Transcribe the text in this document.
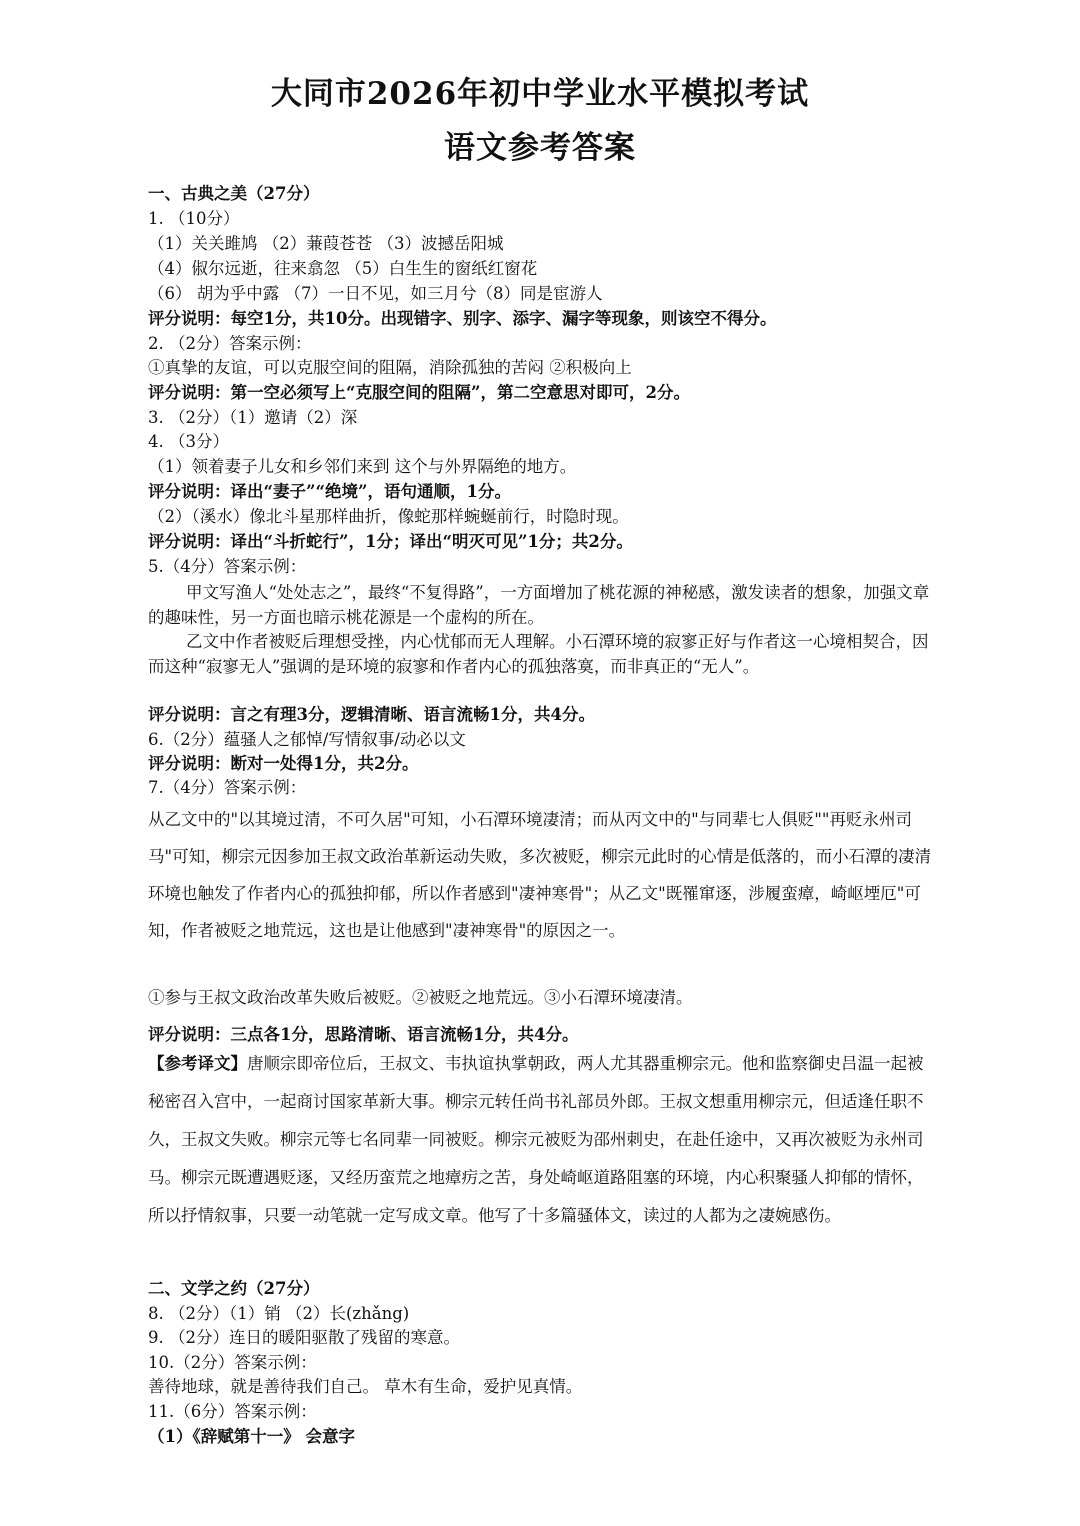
大同市2026年初中学业水平模拟考试
语文参考答案
一、古典之美（27分）
1. （10分）
（1）关关雎鸠 （2）蒹葭苍苍 （3）波撼岳阳城
（4）俶尔远逝，往来翕忽 （5）白生生的窗纸红窗花
（6） 胡为乎中露 （7）一日不见，如三月兮（8）同是宦游人
评分说明：每空1分，共10分。出现错字、别字、添字、漏字等现象，则该空不得分。
2. （2分）答案示例：
①真挚的友谊，可以克服空间的阻隔，消除孤独的苦闷 ②积极向上
评分说明：第一空必须写上“克服空间的阻隔”，第二空意思对即可，2分。
3. （2分）（1）邀请（2）深
4. （3分）
（1）领着妻子儿女和乡邻们来到 这个与外界隔绝的地方。
评分说明：译出“妻子”“绝境”，语句通顺，1分。
（2）（溪水）像北斗星那样曲折，像蛇那样蜿蜒前行，时隐时现。
评分说明：译出“斗折蛇行”，1分；译出“明灭可见”1分；共2分。
5.（4分）答案示例：
甲文写渔人“处处志之”，最终“不复得路”，一方面增加了桃花源的神秘感，激发读者的想象，加强文章的趣味性，另一方面也暗示桃花源是一个虚构的所在。
乙文中作者被贬后理想受挫，内心忧郁而无人理解。小石潭环境的寂寥正好与作者这一心境相契合，因而这种“寂寥无人”强调的是环境的寂寥和作者内心的孤独落寞，而非真正的“无人”。
评分说明：言之有理3分，逻辑清晰、语言流畅1分，共4分。
6.（2分）蕴骚人之郁悼/写情叙事/动必以文
评分说明：断对一处得1分，共2分。
7.（4分）答案示例：
从乙文中的"以其境过清，不可久居"可知，小石潭环境凄清；而从丙文中的"与同辈七人俱贬""再贬永州司马"可知，柳宗元因参加王叔文政治革新运动失败，多次被贬，柳宗元此时的心情是低落的，而小石潭的凄清环境也触发了作者内心的孤独抑郁，所以作者感到"凄神寒骨"；从乙文"既罹窜逐，涉履蛮瘴，崎岖堙厄"可知，作者被贬之地荒远，这也是让他感到"凄神寒骨"的原因之一。
①参与王叔文政治改革失败后被贬。②被贬之地荒远。③小石潭环境凄清。
评分说明：三点各1分，思路清晰、语言流畅1分，共4分。
【参考译文】唐顺宗即帝位后，王叔文、韦执谊执掌朝政，两人尤其器重柳宗元。他和监察御史吕温一起被秘密召入宫中，一起商讨国家革新大事。柳宗元转任尚书礼部员外郎。王叔文想重用柳宗元，但适逢任职不久，王叔文失败。柳宗元等七名同辈一同被贬。柳宗元被贬为邵州刺史，在赴任途中，又再次被贬为永州司马。柳宗元既遭遇贬逐，又经历蛮荒之地瘴疠之苦，身处崎岖道路阻塞的环境，内心积聚骚人抑郁的情怀，所以抒情叙事，只要一动笔就一定写成文章。他写了十多篇骚体文，读过的人都为之凄婉感伤。
二、文学之约（27分）
8. （2分）（1）销 （2）长(zhǎng)
9. （2分）连日的暖阳驱散了残留的寒意。
10.（2分）答案示例：
善待地球，就是善待我们自己。 草木有生命，爱护见真情。
11.（6分）答案示例：
（1）《辞赋第十一》 会意字
